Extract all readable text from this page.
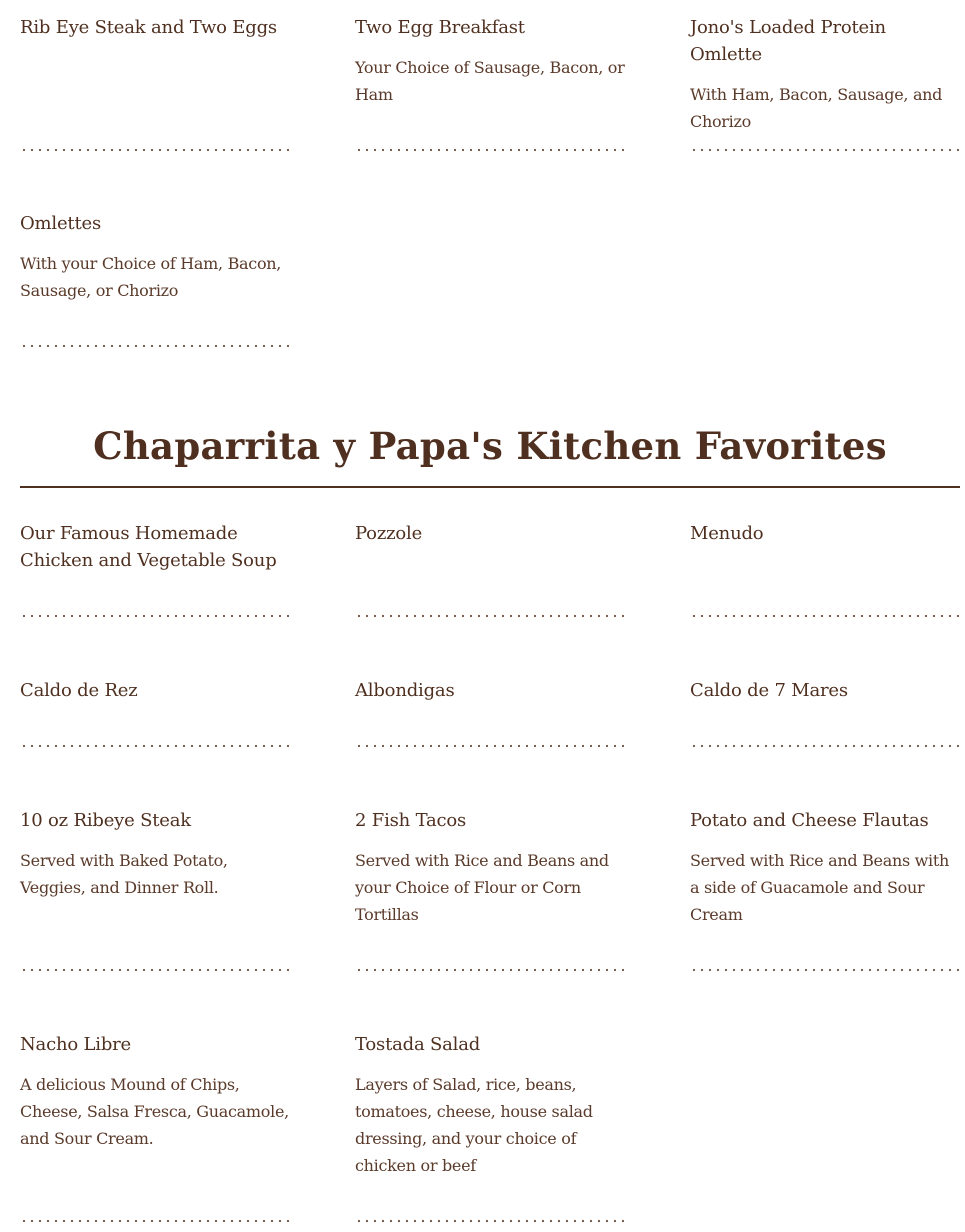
Rib Eye Steak and Two Eggs	Two Egg Breakfast

Your Choice of Sausage, Bacon, or Ham

Jono's Loaded Protein Omlette

With Ham, Bacon, Sausage, and Chorizo

Omlettes

With your Choice of Ham, Bacon, Sausage, or Chorizo

Chaparrita y Papa's Kitchen Favorites
Our Famous Homemade Chicken and Vegetable Soup
Pozzole	Menudo
Caldo de Rez	Albondigas	Caldo de 7 Mares
10 oz Ribeye Steak

Served with Baked Potato, Veggies, and Dinner Roll.

2 Fish Tacos

Served with Rice and Beans and your Choice of Flour or Corn Tortillas

Potato and Cheese Flautas

Served with Rice and Beans with a side of Guacamole and Sour Cream

Nacho Libre

A delicious Mound of Chips, Cheese, Salsa Fresca, Guacamole, and Sour Cream.

Tostada Salad

Layers of Salad, rice, beans, tomatoes, cheese, house salad dressing, and your choice of chicken or beef
